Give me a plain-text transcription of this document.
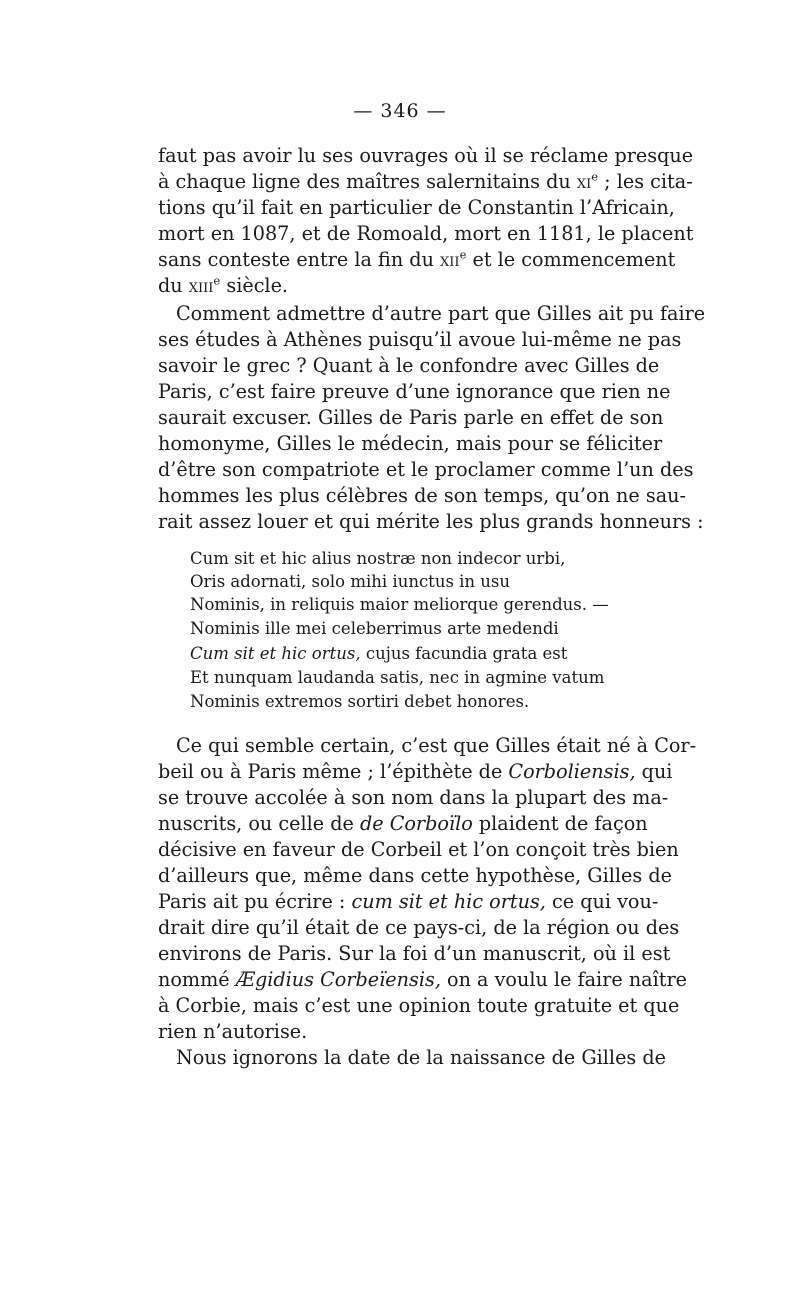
— 346 —
faut pas avoir lu ses ouvrages où il se réclame presque
à chaque ligne des maîtres salernitains du $xi^e$ ; les cita-
tions qu’il fait en particulier de Constantin l’Africain,
mort en 1087, et de Romoald, mort en 1181, le placent
sans conteste entre la fin du xii$^e$ et le commencement
du xiii$^e$ siècle.
Comment admettre d’autre part que Gilles ait pu faire
ses études à Athènes puisqu’il avoue lui-même ne pas
savoir le grec ? Quant à le confondre avec Gilles de
Paris, c’est faire preuve d’une ignorance que rien ne
saurait excuser. Gilles de Paris parle en effet de son
homonyme, Gilles le médecin, mais pour se féliciter
d’être son compatriote et le proclamer comme l’un des
hommes les plus célèbres de son temps, qu’on ne sau-
rait assez louer et qui mérite les plus grands honneurs :
Cum sit et hic alius nostræ non indecor urbi,
Oris adornati, solo mihi iunctus in usu
Nominis, in reliquis maior meliorque gerendus. —
Nominis ille mei celeberrimus arte medendi
Cum sit et hic ortus, cujus facundia grata est
Et nunquam laudanda satis, nec in agmine vatum
Nominis extremos sortiri debet honores.
Ce qui semble certain, c’est que Gilles était né à Cor-
beil ou à Paris même ; l’épithète de Corboliensis, qui
se trouve accolée à son nom dans la plupart des ma-
nuscrits, ou celle de de Corboïlo plaident de façon
décisive en faveur de Corbeil et l’on conçoit très bien
d’ailleurs que, même dans cette hypothèse, Gilles de
Paris ait pu écrire : cum sit et hic ortus, ce qui vou-
drait dire qu’il était de ce pays-ci, de la région ou des
environs de Paris. Sur la foi d’un manuscrit, où il est
nommé Ægidius Corbeïensis, on a voulu le faire naître
à Corbie, mais c’est une opinion toute gratuite et que
rien n’autorise.
Nous ignorons la date de la naissance de Gilles de
